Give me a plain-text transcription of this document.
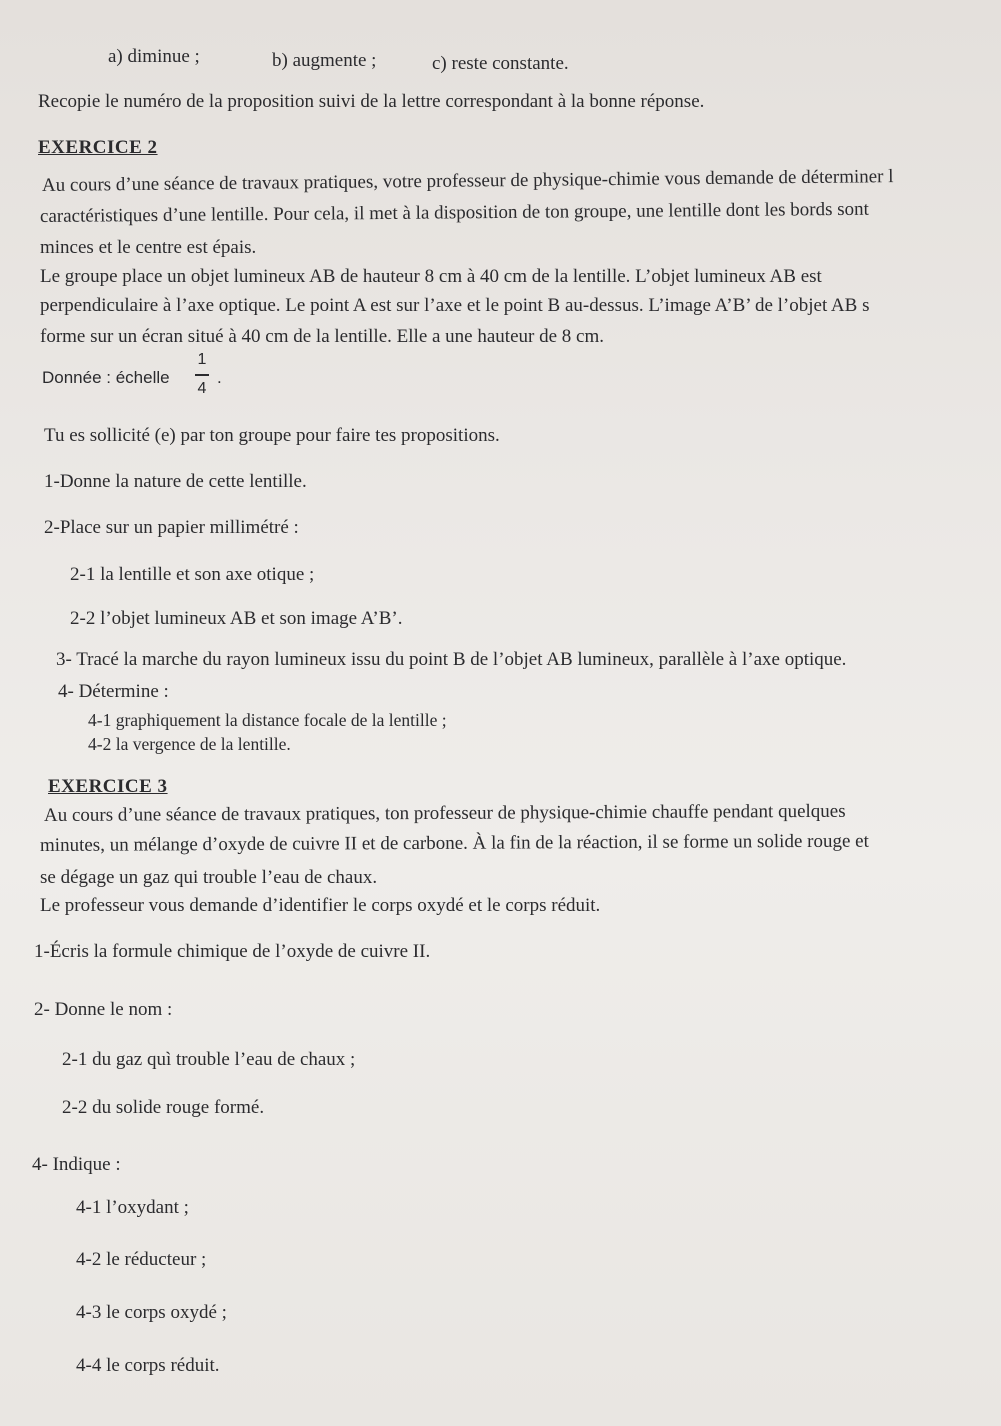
a) diminue ;	b) augmente ;	c) reste constante.
Recopie le numéro de la proposition suivi de la lettre correspondant à la bonne réponse.
EXERCICE 2
Au cours d’une séance de travaux pratiques, votre professeur de physique-chimie vous demande de déterminer l
caractéristiques d’une lentille. Pour cela, il met à la disposition de ton groupe, une lentille dont les bords sont
minces et le centre est épais.
Le groupe place un objet lumineux AB de hauteur 8 cm à 40 cm de la lentille. L’objet lumineux AB est
perpendiculaire à l’axe optique. Le point A est sur l’axe et le point B au-dessus. L’image A’B’ de l’objet AB s
forme sur un écran situé à 40 cm de la lentille. Elle a une hauteur de 8 cm.
Donnée : échelle
1
4
.
Tu es sollicité (e) par ton groupe pour faire tes propositions.
1-Donne la nature de cette lentille.
2-Place sur un papier millimétré :
2-1 la lentille et son axe otique ;
2-2 l’objet lumineux AB et son image A’B’.
3- Tracé la marche du rayon lumineux issu du point B de l’objet AB lumineux, parallèle à l’axe optique.
4- Détermine :
4-1 graphiquement la distance focale de la lentille ;
4-2 la vergence de la lentille.
EXERCICE 3
Au cours d’une séance de travaux pratiques, ton professeur de physique-chimie chauffe pendant quelques
minutes, un mélange d’oxyde de cuivre II et de carbone. À la fin de la réaction, il se forme un solide rouge et
se dégage un gaz qui trouble l’eau de chaux.
Le professeur vous demande d’identifier le corps oxydé et le corps réduit.
1-Écris la formule chimique de l’oxyde de cuivre II.
2- Donne le nom :
2-1 du gaz quì trouble l’eau de chaux ;
2-2 du solide rouge formé.
4- Indique :
4-1 l’oxydant ;
4-2 le réducteur ;
4-3 le corps oxydé ;
4-4 le corps réduit.
